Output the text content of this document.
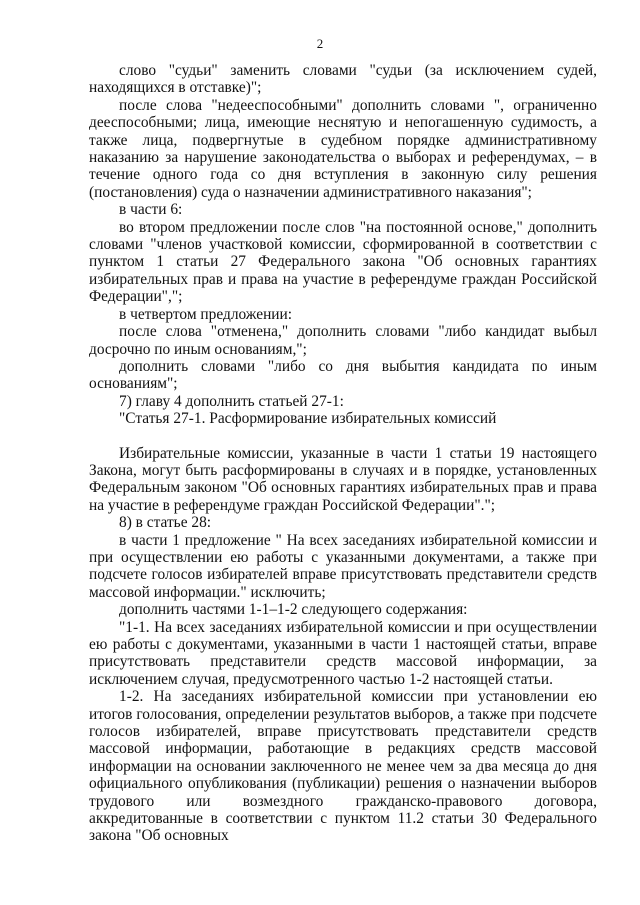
2

слово "судьи" заменить словами "судьи (за исключением судей, находящихся в отставке)";

после слова "недееспособными" дополнить словами ", ограниченно дееспособными; лица, имеющие неснятую и непогашенную судимость, а также лица, подвергнутые в судебном порядке административному наказанию за нарушение законодательства о выборах и референдумах, – в течение одного года со дня вступления в законную силу решения (постановления) суда о назначении административного наказания";

в части 6:

во втором предложении после слов "на постоянной основе," дополнить словами "членов участковой комиссии, сформированной в соответствии с пунктом 1 статьи 27 Федерального закона "Об основных гарантиях избирательных прав и права на участие в референдуме граждан Российской Федерации",";

в четвертом предложении:

после слова "отменена," дополнить словами "либо кандидат выбыл досрочно по иным основаниям,";

дополнить словами "либо со дня выбытия кандидата по иным основаниям";

7) главу 4 дополнить статьей 27-1:

"Статья 27-1. Расформирование избирательных комиссий

Избирательные комиссии, указанные в части 1 статьи 19 настоящего Закона, могут быть расформированы в случаях и в порядке, установленных Федеральным законом "Об основных гарантиях избирательных прав и права на участие в референдуме граждан Российской Федерации".";

8) в статье 28:

в части 1 предложение " На всех заседаниях избирательной комиссии и при осуществлении ею работы с указанными документами, а также при подсчете голосов избирателей вправе присутствовать представители средств массовой информации." исключить;

дополнить частями 1-1–1-2 следующего содержания:

"1-1. На всех заседаниях избирательной комиссии и при осуществлении ею работы с документами, указанными в части 1 настоящей статьи, вправе присутствовать представители средств массовой информации, за исключением случая, предусмотренного частью 1-2 настоящей статьи.

1-2. На заседаниях избирательной комиссии при установлении ею итогов голосования, определении результатов выборов, а также при подсчете голосов избирателей, вправе присутствовать представители средств массовой информации, работающие в редакциях средств массовой информации на основании заключенного не менее чем за два месяца до дня официального опубликования (публикации) решения о назначении выборов трудового или возмездного гражданско-правового договора, аккредитованные в соответствии с пунктом 11.2 статьи 30 Федерального закона "Об основных
